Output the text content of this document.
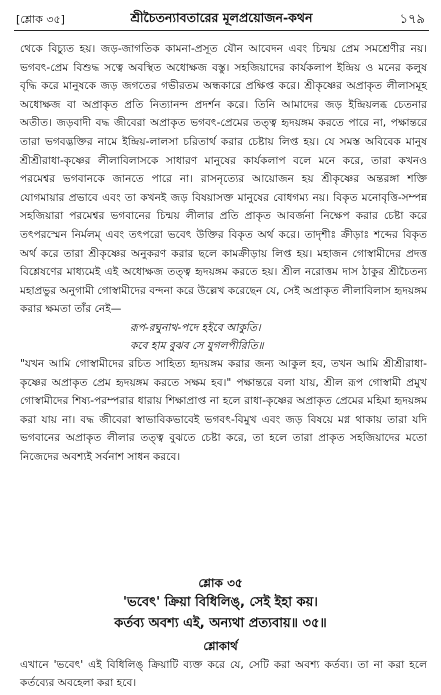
[শ্লোক ৩৫]	শ্রীচৈতন্যাবতারের মূলপ্রয়োজন-কথন	১৭৯

থেকে বিচ্যুত হয়। জড়-জাগতিক কামনা-প্রসূত যৌন আবেদন এবং চিন্ময় প্রেম সমশ্রেণীর নয়। ভগবৎ-প্রেম বিশুদ্ধ সত্বে অবস্থিত অধোক্ষজ বস্তু। সহজিয়াদের কার্যকলাপ ইন্দ্রিয় ও মনের কলুষ বৃদ্ধি করে মানুষকে জড় জগতের গভীরতম অন্ধকারে প্রক্ষিপ্ত করে। শ্রীকৃষ্ণের অপ্রাকৃত লীলাসমূহ অধোক্ষজ বা অপ্রাকৃত প্রতি নিত্যানন্দ প্রদর্শন করে। তিনি আমাদের জড় ইন্দ্রিয়লব্ধ চেতনার অতীত। জড়বাদী বদ্ধ জীবেরা অপ্রাকৃত ভগবৎ-প্রেমের তত্ত্ব হৃদয়ঙ্গম করতে পারে না, পক্ষান্তরে তারা ভগবদ্ভক্তির নামে ইন্দ্রিয়-লালসা চরিতার্থ করার চেষ্টায় লিপ্ত হয়। যে সমস্ত অবিবেক মানুষ শ্রীশ্রীরাধা-কৃষ্ণের লীলাবিলাসকে সাধারণ মানুষের কার্যকলাপ বলে মনে করে, তারা কখনও পরমেশ্বর ভগবানকে জানতে পারে না। রাসনৃত্যের আয়োজন হয় শ্রীকৃষ্ণের অন্তরঙ্গা শক্তি যোগমায়ার প্রভাবে এবং তা কখনই জড় বিষয়াসক্ত মানুষের বোধগম্য নয়। বিকৃত মনোবৃত্তি-সম্পন্ন সহজিয়ারা পরমেশ্বর ভগবানের চিন্ময় লীলার প্রতি প্রাকৃত আবর্জনা নিক্ষেপ করার চেষ্টা করে তৎপরস্মেন নির্মলম্ এবং তৎপরো ভবেৎ উক্তির বিকৃত অর্থ করে। তাদৃশীঃ ক্রীড়াঃ শব্দের বিকৃত অর্থ করে তারা শ্রীকৃষ্ণের অনুকরণ করার ছলে কামক্রীড়ায় লিপ্ত হয়। মহাজন গোস্বামীদের প্রদত্ত বিশ্লেষণের মাধ্যমেই এই অধোক্ষজ তত্ত্ব হৃদয়ঙ্গম করতে হয়। শ্রীল নরোত্তম দাস ঠাকুর শ্রীচৈতন্য মহাপ্রভুর অনুগামী গোস্বামীদের বন্দনা করে উল্লেখ করেছেন যে, সেই অপ্রাকৃত লীলাবিলাস হৃদয়ঙ্গম করার ক্ষমতা তাঁর নেই—

রূপ-রঘুনাথ-পদে হইবে আকুতি।
কবে হাম বুঝব সে যুগলপীরিতি॥

"যখন আমি গোস্বামীদের রচিত সাহিত্য হৃদয়ঙ্গম করার জন্য আকুল হব, তখন আমি শ্রীশ্রীরাধা-কৃষ্ণের অপ্রাকৃত প্রেম হৃদয়ঙ্গম করতে সক্ষম হব।" পক্ষান্তরে বলা যায়, শ্রীল রূপ গোস্বামী প্রমুখ গোস্বামীদের শিষ্য-পরম্পরার ধারায় শিক্ষাপ্রাপ্ত না হলে রাধা-কৃষ্ণের অপ্রাকৃত প্রেমের মহিমা হৃদয়ঙ্গম করা যায় না। বদ্ধ জীবেরা স্বাভাবিকভাবেই ভগবৎ-বিমুখ এবং জড় বিষয়ে মগ্ন থাকায় তারা যদি ভগবানের অপ্রাকৃত লীলার তত্ত্ব বুঝতে চেষ্টা করে, তা হলে তারা প্রাকৃত সহজিয়াদের মতো নিজেদের অবশ্যই সর্বনাশ সাধন করবে।

শ্লোক ৩৫
'ভবেৎ' ক্রিয়া বিধিলিঙ্‌, সেই ইহা কয়।
কর্তব্য অবশ্য এই, অন্যথা প্রত্যবায়॥ ৩৫॥
শ্লোকার্থ
এখানে 'ভবেৎ' এই বিধিলিঙ্ ক্রিয়াটি ব্যক্ত করে যে, সেটি করা অবশ্য কর্তব্য। তা না করা হলে কর্তব্যের অবহেলা করা হবে।
